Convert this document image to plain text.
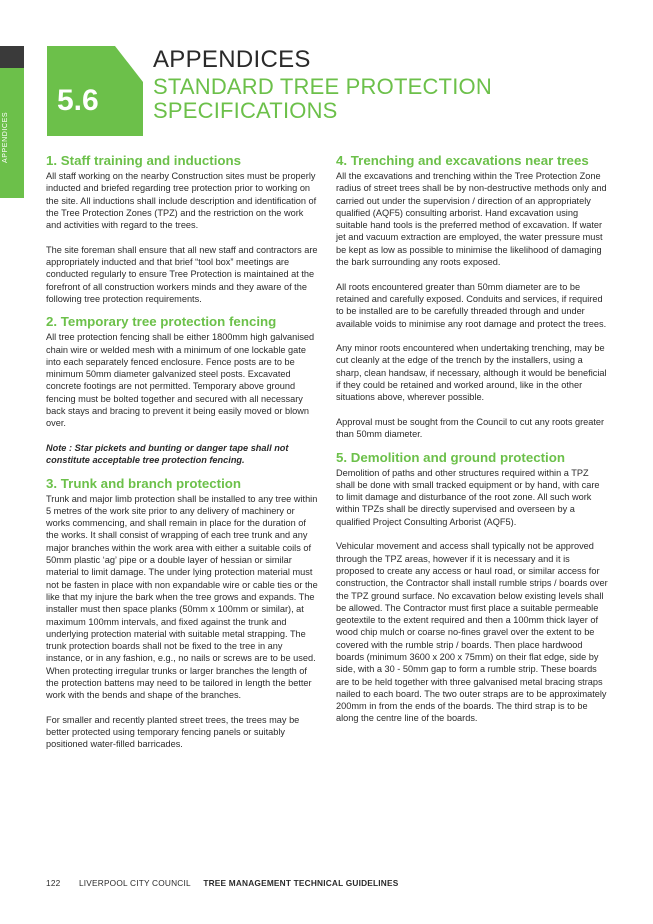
APPENDICES
5.6
APPENDICES
STANDARD TREE PROTECTION
SPECIFICATIONS
1. Staff training and inductions

All staff working on the nearby Construction sites must be properly inducted and briefed regarding tree protection prior to working on the site. All inductions shall include description and identification of the Tree Protection Zones (TPZ) and the restriction on the work and activities with regard to the trees.

The site foreman shall ensure that all new staff and contractors are appropriately inducted and that brief “tool box” meetings are conducted regularly to ensure Tree Protection is maintained at the forefront of all construction workers minds and they aware of the following tree protection requirements.

2. Temporary tree protection fencing

All tree protection fencing shall be either 1800mm high galvanised chain wire or welded mesh with a minimum of one lockable gate into each separately fenced enclosure. Fence posts are to be minimum 50mm diameter galvanized steel posts. Excavated concrete footings are not permitted. Temporary above ground fencing must be bolted together and secured with all necessary back stays and bracing to prevent it being easily moved or blown over.

Note : Star pickets and bunting or danger tape shall not constitute acceptable tree protection fencing.

3. Trunk and branch protection

Trunk and major limb protection shall be installed to any tree within 5 metres of the work site prior to any delivery of machinery or works commencing, and shall remain in place for the duration of the works. It shall consist of wrapping of each tree trunk and any major branches within the work area with either a suitable coils of 50mm plastic ‘ag’ pipe or a double layer of hessian or similar material to limit damage. The under lying protection material must not be fasten in place with non expandable wire or cable ties or the like that my injure the bark when the tree grows and expands. The installer must then space planks (50mm x 100mm or similar), at maximum 100mm intervals, and fixed against the trunk and underlying protection material with suitable metal strapping. The trunk protection boards shall not be fixed to the tree in any instance, or in any fashion, e.g., no nails or screws are to be used. When protecting irregular trunks or larger branches the length of the protection battens may need to be tailored in length the better work with the bends and shape of the branches.

For smaller and recently planted street trees, the trees may be better protected using temporary fencing panels or suitably positioned water-filled barricades.

4. Trenching and excavations near trees

All the excavations and trenching within the Tree Protection Zone radius of street trees shall be by non-destructive methods only and carried out under the supervision / direction of an appropriately qualified (AQF5) consulting arborist. Hand excavation using suitable hand tools is the preferred method of excavation. If water jet and vacuum extraction are employed, the water pressure must be kept as low as possible to minimise the likelihood of damaging the bark surrounding any roots exposed.

All roots encountered greater than 50mm diameter are to be retained and carefully exposed. Conduits and services, if required to be installed are to be carefully threaded through and under available voids to minimise any root damage and protect the trees.

Any minor roots encountered when undertaking trenching, may be cut cleanly at the edge of the trench by the installers, using a sharp, clean handsaw, if necessary, although it would be beneficial if they could be retained and worked around, like in the other situations above, wherever possible.

Approval must be sought from the Council to cut any roots greater than 50mm diameter.

5. Demolition and ground protection

Demolition of paths and other structures required within a TPZ shall be done with small tracked equipment or by hand, with care to limit damage and disturbance of the root zone. All such work within TPZs shall be directly supervised and overseen by a qualified Project Consulting Arborist (AQF5).

Vehicular movement and access shall typically not be approved through the TPZ areas, however if it is necessary and it is proposed to create any access or haul road, or similar access for construction, the Contractor shall install rumble strips / boards over the TPZ ground surface. No excavation below existing levels shall be allowed. The Contractor must first place a suitable permeable geotextile to the extent required and then a 100mm thick layer of wood chip mulch or coarse no-fines gravel over the extent to be covered with the rumble strip / boards. Then place hardwood boards (minimum 3600 x 200 x 75mm) on their flat edge, side by side, with a 30 - 50mm gap to form a rumble strip. These boards are to be held together with three galvanised metal bracing straps nailed to each board. The two outer straps are to be approximately 200mm in from the ends of the boards. The third strap is to be along the centre line of the boards.

122 LIVERPOOL CITY COUNCIL TREE MANAGEMENT TECHNICAL GUIDELINES
